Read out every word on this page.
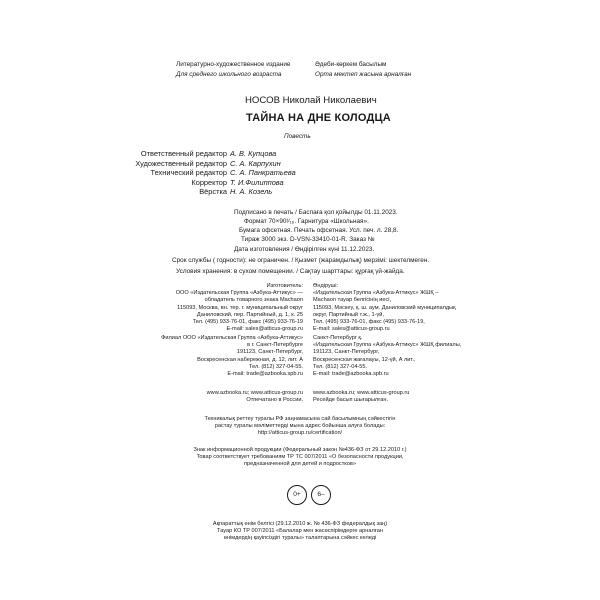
Литературно-художественное издание	Әдеби-көркем басылым
Для среднего школьного возраста	Орта мектеп жасына арналған
НОСОВ Николай Николаевич
ТАЙНА НА ДНЕ КОЛОДЦА
Повесть
Ответственный редактор А. В. Купцова
Художественный редактор С. А. Карпухин
Технический редактор С. А. Панкратьева
Корректор Т. И.Филиппова
Вёрстка Н. А. Козель
Подписано в печать / Баспаға қол қойылды 01.11.2023.
Формат 70×90¹⁄₁₆. Гарнитура «Школьная».
Бумага офсетная. Печать офсетная. Усл. печ. л. 28,8.
Тираж 3000 экз. D-VSN-33410-01-R. Заказ №
Дата изготовления / Өндірілген күні 11.12.2023.
Срок службы ( годности): не ограничен. / Қызмет (жарамдылық) мерзімі: шектелмеген.
Условия хранения: в сухом помещении. / Сақтау шарттары: құрғақ үй-жайда.
Изготовитель:
ООО «Издательская Группа «Азбука-Аттикус» —
обладатель товарного знака Machaon
115093, Москва, вн. тер. г. муниципальный округ
Даниловский, пер. Партийный, д. 1, к. 25
Тел. (495) 933-76-01, факс (495) 933-76-19
E-mail: sales@atticus-group.ru
Өндіруші:
«Издательская Группа «Азбука-Аттикус» ЖШҚ –
Machaon тауар белгісінің иесі,
115093, Мәскеу, қ. ш. аум. Даниловский муниципалдық
округ, Партийный т.ж., 1-үй,
Тел. (495) 933-76-01, факс (495) 933-76-19,
E-mail: sales@atticus-group.ru
Филиал ООО «Издательская Группа «Азбука-Аттикус»
в г. Санкт-Петербурге
191123, Санкт-Петербург,
Воскресенская набережная, д. 12, лит. А
Тел. (812) 327-04-55.
E-mail: trade@azbooka.spb.ru
Санкт-Петербург қ.
«Издательская Группа «Азбука-Аттикус» ЖШҚ филиалы,
191123, Санкт-Петербург,
Воскресенская жағалауы, 12-үй, А лит.,
Тел. (812) 327-04-55.
E-mail: trade@azbooka.spb.ru
www.azbooka.ru; www.atticus-group.ru
Отпечатано в России.
www.azbooka.ru; www.atticus-group.ru
Ресейде басып шығарылған.
Техникалық реттеу туралы РФ заңнамасына сай басылымның сәйкестігін
растау туралы мәліметтерді мына адрес бойынша алуға болады:
http://atticus-group.ru/certification/
Знак информационной продукции (Федеральный закон №436-ФЗ от 29.12.2010 г.)
Товар соответствует требованиям ТР ТС 007/2011 «О безопасности продукции,
предназначенной для детей и подростков»
0+	6–
Ақпараттық өнім белгісі (29.12.2010 ж. № 436-ФЗ федералдық заң)
Тауар КО ТР 007/2011 «Балалар мен жасөспірімдерге арналған
өнімдердің қауіпсіздігі туралы» талаптарына сәйкес келеді
